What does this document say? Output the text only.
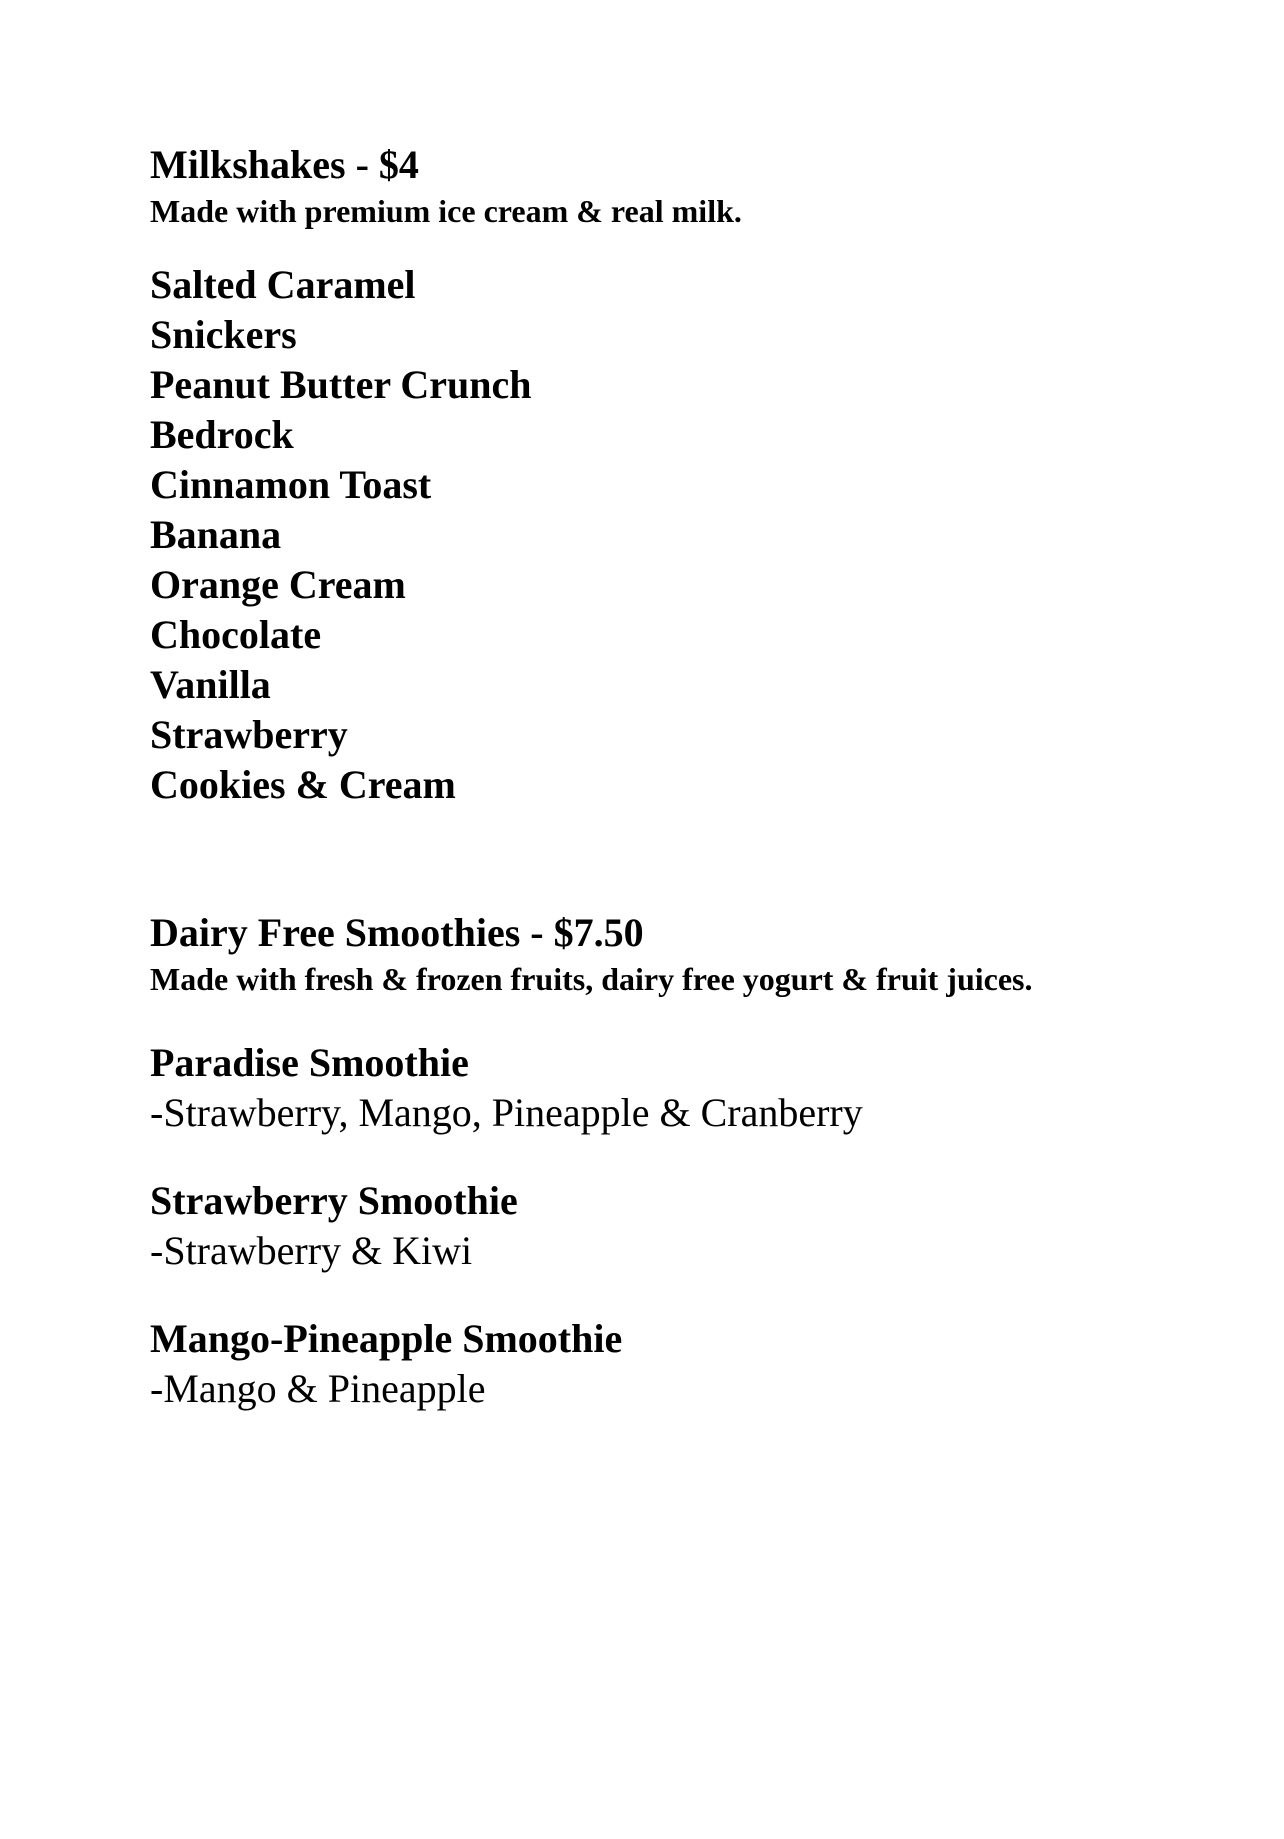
Milkshakes - $4

Made with premium ice cream & real milk.

Salted Caramel
Snickers
Peanut Butter Crunch
Bedrock
Cinnamon Toast
Banana
Orange Cream
Chocolate
Vanilla
Strawberry
Cookies & Cream
Dairy Free Smoothies - $7.50

Made with fresh & frozen fruits, dairy free yogurt & fruit juices.

Paradise Smoothie
-Strawberry, Mango, Pineapple & Cranberry
Strawberry Smoothie
-Strawberry & Kiwi
Mango-Pineapple Smoothie
-Mango & Pineapple
